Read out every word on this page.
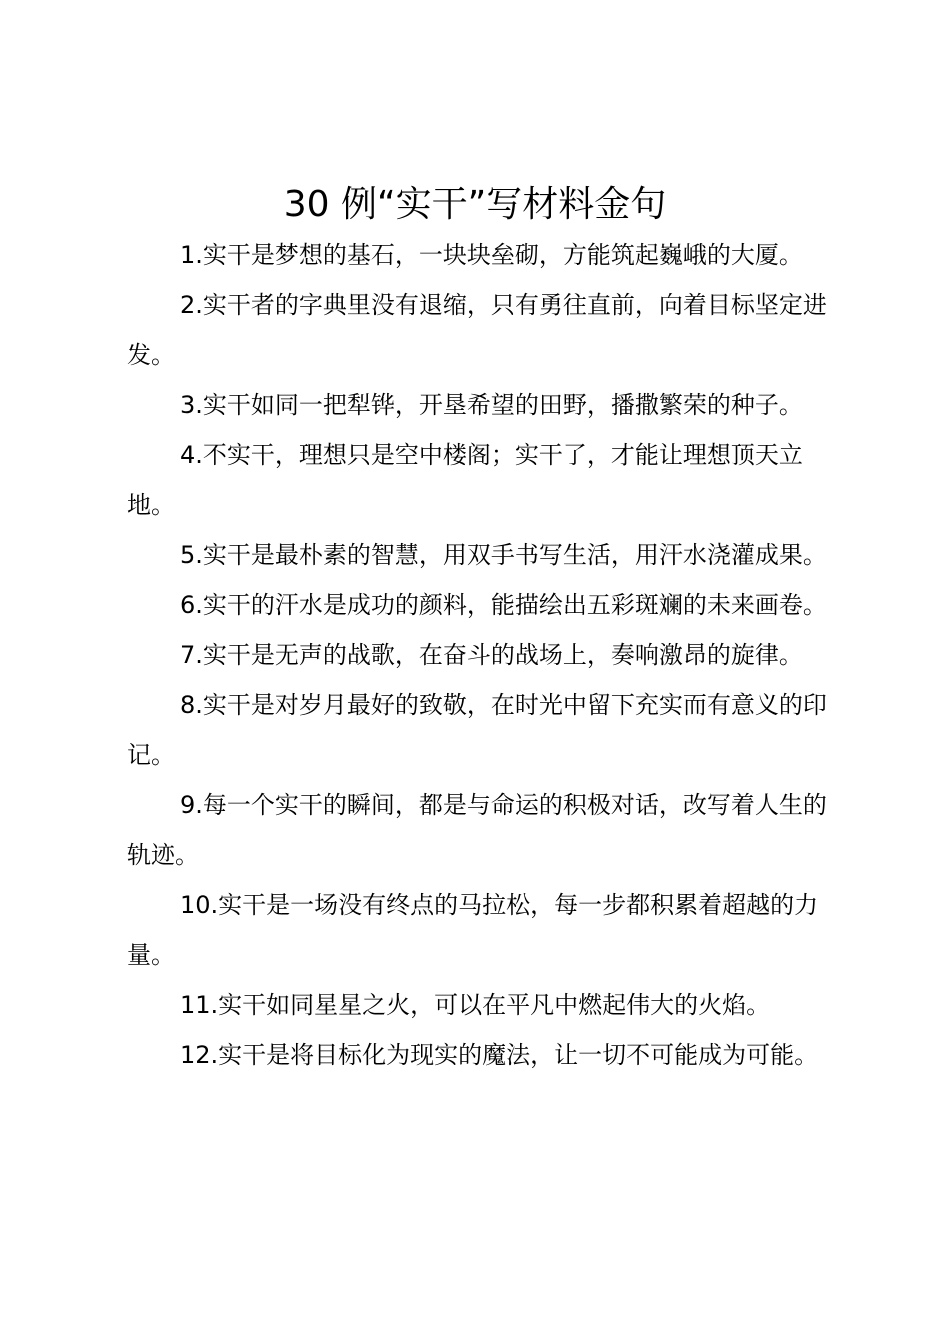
30 例“实干”写材料金句

1.实干是梦想的基石，一块块垒砌，方能筑起巍峨的大厦。

2.实干者的字典里没有退缩，只有勇往直前，向着目标坚定进发。

3.实干如同一把犁铧，开垦希望的田野，播撒繁荣的种子。

4.不实干，理想只是空中楼阁；实干了，才能让理想顶天立地。

5.实干是最朴素的智慧，用双手书写生活，用汗水浇灌成果。

6.实干的汗水是成功的颜料，能描绘出五彩斑斓的未来画卷。

7.实干是无声的战歌，在奋斗的战场上，奏响激昂的旋律。

8.实干是对岁月最好的致敬，在时光中留下充实而有意义的印记。

9.每一个实干的瞬间，都是与命运的积极对话，改写着人生的轨迹。

10.实干是一场没有终点的马拉松，每一步都积累着超越的力量。

11.实干如同星星之火，可以在平凡中燃起伟大的火焰。

12.实干是将目标化为现实的魔法，让一切不可能成为可能。
